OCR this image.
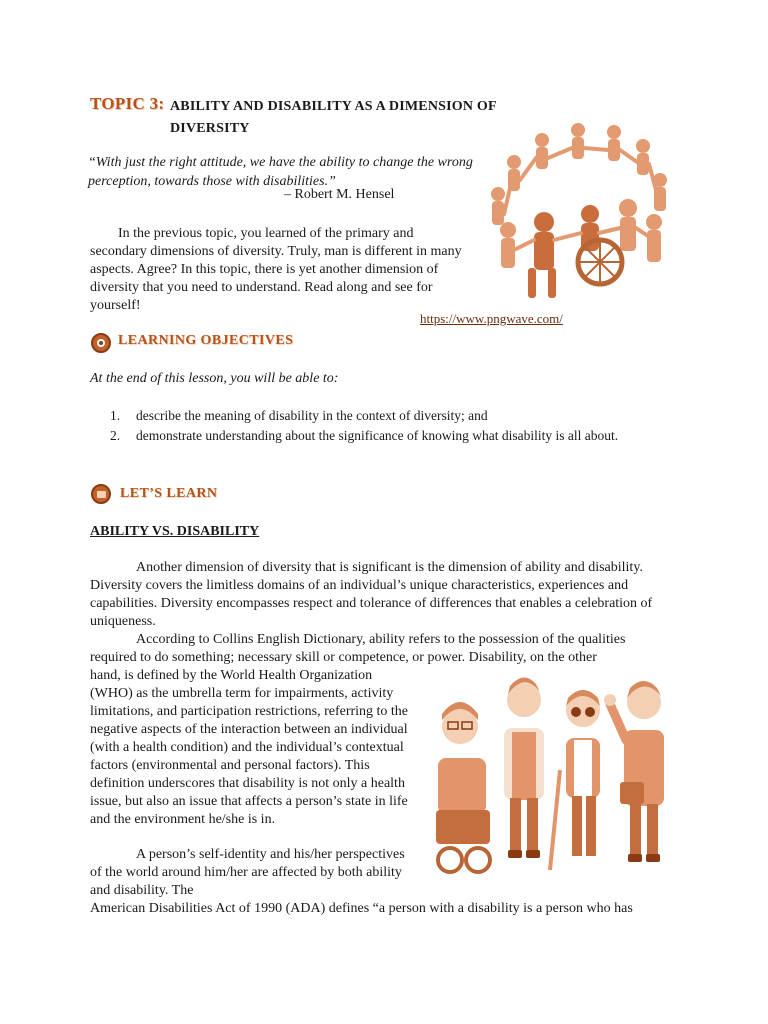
TOPIC 3: ABILITY AND DISABILITY AS A DIMENSION OF DIVERSITY
“With just the right attitude, we have the ability to change the wrong perception, towards those with disabilities.”
– Robert M. Hensel

In the previous topic, you learned of the primary and secondary dimensions of diversity. Truly, man is different in many aspects. Agree? In this topic, there is yet another dimension of diversity that you need to understand. Read along and see for yourself!

https://www.pngwave.com/
LEARNING OBJECTIVES
At the end of this lesson, you will be able to:
1. describe the meaning of disability in the context of diversity; and
2. demonstrate understanding about the significance of knowing what disability is all about.
LET’S LEARN
ABILITY VS. DISABILITY

Another dimension of diversity that is significant is the dimension of ability and disability. Diversity covers the limitless domains of an individual’s unique characteristics, experiences and capabilities. Diversity encompasses respect and tolerance of differences that enables a celebration of uniqueness.

According to Collins English Dictionary, ability refers to the possession of the qualities required to do something; necessary skill or competence, or power. Disability, on the other

hand, is defined by the World Health Organization (WHO) as the umbrella term for impairments, activity limitations, and participation restrictions, referring to the negative aspects of the interaction between an individual (with a health condition) and the individual’s contextual factors (environmental and personal factors). This definition underscores that disability is not only a health issue, but also an issue that affects a person’s state in life and the environment he/she is in.

A person’s self-identity and his/her perspectives of the world around him/her are affected by both ability and disability. The

American Disabilities Act of 1990 (ADA) defines “a person with a disability is a person who has
